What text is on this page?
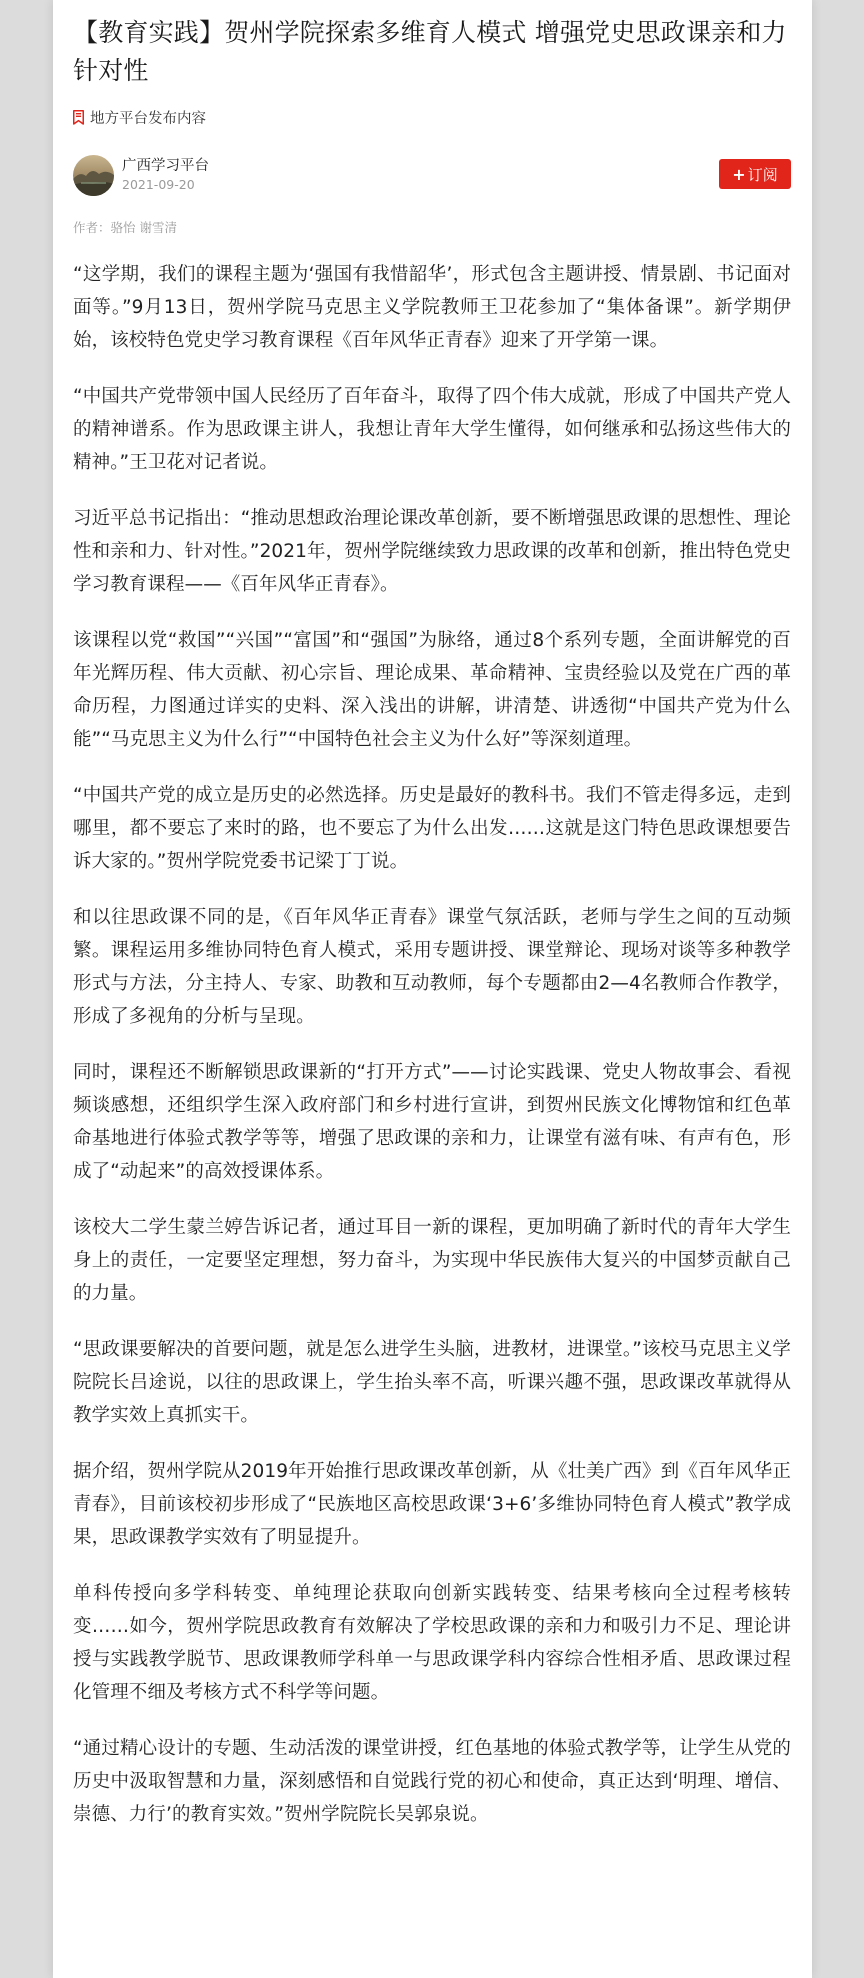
【教育实践】贺州学院探索多维育人模式 增强党史思政课亲和力针对性
地方平台发布内容
广西学习平台
2021-09-20
+ 订阅
作者：骆怡 谢雪清

“这学期，我们的课程主题为‘强国有我惜韶华’，形式包含主题讲授、情景剧、书记面对面等。”9月13日，贺州学院马克思主义学院教师王卫花参加了“集体备课”。新学期伊始，该校特色党史学习教育课程《百年风华正青春》迎来了开学第一课。

“中国共产党带领中国人民经历了百年奋斗，取得了四个伟大成就，形成了中国共产党人的精神谱系。作为思政课主讲人，我想让青年大学生懂得，如何继承和弘扬这些伟大的精神。”王卫花对记者说。

习近平总书记指出：“推动思想政治理论课改革创新，要不断增强思政课的思想性、理论性和亲和力、针对性。”2021年，贺州学院继续致力思政课的改革和创新，推出特色党史学习教育课程——《百年风华正青春》。

该课程以党“救国”“兴国”“富国”和“强国”为脉络，通过8个系列专题，全面讲解党的百年光辉历程、伟大贡献、初心宗旨、理论成果、革命精神、宝贵经验以及党在广西的革命历程，力图通过详实的史料、深入浅出的讲解，讲清楚、讲透彻“中国共产党为什么能”“马克思主义为什么行”“中国特色社会主义为什么好”等深刻道理。

“中国共产党的成立是历史的必然选择。历史是最好的教科书。我们不管走得多远，走到哪里，都不要忘了来时的路，也不要忘了为什么出发……这就是这门特色思政课想要告诉大家的。”贺州学院党委书记梁丁丁说。

和以往思政课不同的是，《百年风华正青春》课堂气氛活跃，老师与学生之间的互动频繁。课程运用多维协同特色育人模式，采用专题讲授、课堂辩论、现场对谈等多种教学形式与方法，分主持人、专家、助教和互动教师，每个专题都由2—4名教师合作教学，形成了多视角的分析与呈现。

同时，课程还不断解锁思政课新的“打开方式”——讨论实践课、党史人物故事会、看视频谈感想，还组织学生深入政府部门和乡村进行宣讲，到贺州民族文化博物馆和红色革命基地进行体验式教学等等，增强了思政课的亲和力，让课堂有滋有味、有声有色，形成了“动起来”的高效授课体系。

该校大二学生蒙兰婷告诉记者，通过耳目一新的课程，更加明确了新时代的青年大学生身上的责任，一定要坚定理想，努力奋斗，为实现中华民族伟大复兴的中国梦贡献自己的力量。

“思政课要解决的首要问题，就是怎么进学生头脑，进教材，进课堂。”该校马克思主义学院院长吕途说，以往的思政课上，学生抬头率不高，听课兴趣不强，思政课改革就得从教学实效上真抓实干。

据介绍，贺州学院从2019年开始推行思政课改革创新，从《壮美广西》到《百年风华正青春》，目前该校初步形成了“民族地区高校思政课‘3+6’多维协同特色育人模式”教学成果，思政课教学实效有了明显提升。

单科传授向多学科转变、单纯理论获取向创新实践转变、结果考核向全过程考核转变……如今，贺州学院思政教育有效解决了学校思政课的亲和力和吸引力不足、理论讲授与实践教学脱节、思政课教师学科单一与思政课学科内容综合性相矛盾、思政课过程化管理不细及考核方式不科学等问题。

“通过精心设计的专题、生动活泼的课堂讲授，红色基地的体验式教学等，让学生从党的历史中汲取智慧和力量，深刻感悟和自觉践行党的初心和使命，真正达到‘明理、增信、崇德、力行’的教育实效。”贺州学院院长吴郭泉说。
